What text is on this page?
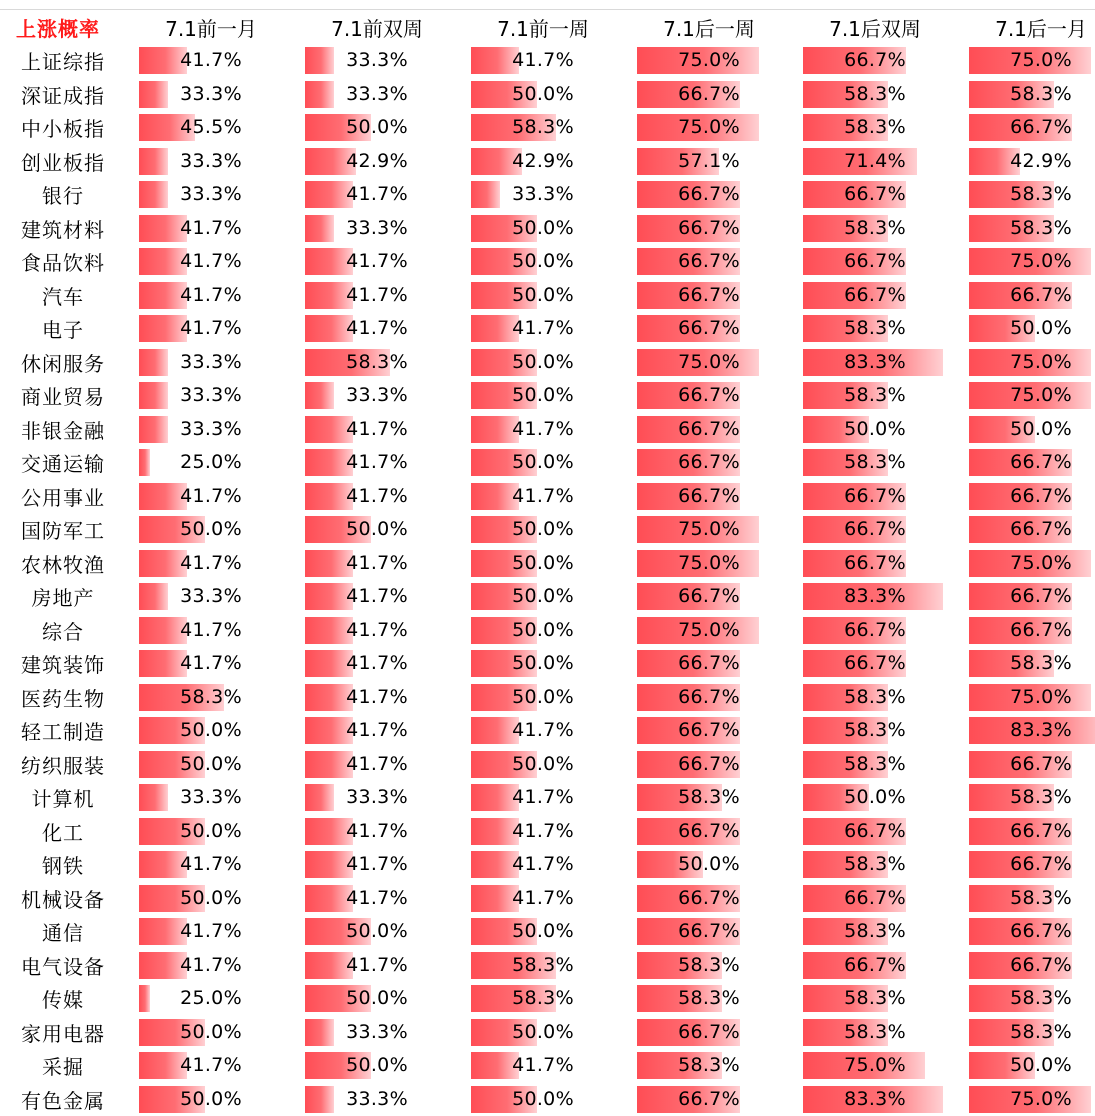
上涨概率	7.1前一月	7.1前双周	7.1前一周	7.1后一周	7.1后双周	7.1后一月
上证综指	41.7%	33.3%	41.7%	75.0%	66.7%	75.0%
深证成指	33.3%	33.3%	50.0%	66.7%	58.3%	58.3%
中小板指	45.5%	50.0%	58.3%	75.0%	58.3%	66.7%
创业板指	33.3%	42.9%	42.9%	57.1%	71.4%	42.9%
银行	33.3%	41.7%	33.3%	66.7%	66.7%	58.3%
建筑材料	41.7%	33.3%	50.0%	66.7%	58.3%	58.3%
食品饮料	41.7%	41.7%	50.0%	66.7%	66.7%	75.0%
汽车	41.7%	41.7%	50.0%	66.7%	66.7%	66.7%
电子	41.7%	41.7%	41.7%	66.7%	58.3%	50.0%
休闲服务	33.3%	58.3%	50.0%	75.0%	83.3%	75.0%
商业贸易	33.3%	33.3%	50.0%	66.7%	58.3%	75.0%
非银金融	33.3%	41.7%	41.7%	66.7%	50.0%	50.0%
交通运输	25.0%	41.7%	50.0%	66.7%	58.3%	66.7%
公用事业	41.7%	41.7%	41.7%	66.7%	66.7%	66.7%
国防军工	50.0%	50.0%	50.0%	75.0%	66.7%	66.7%
农林牧渔	41.7%	41.7%	50.0%	75.0%	66.7%	75.0%
房地产	33.3%	41.7%	50.0%	66.7%	83.3%	66.7%
综合	41.7%	41.7%	50.0%	75.0%	66.7%	66.7%
建筑装饰	41.7%	41.7%	50.0%	66.7%	66.7%	58.3%
医药生物	58.3%	41.7%	50.0%	66.7%	58.3%	75.0%
轻工制造	50.0%	41.7%	41.7%	66.7%	58.3%	83.3%
纺织服装	50.0%	41.7%	50.0%	66.7%	58.3%	66.7%
计算机	33.3%	33.3%	41.7%	58.3%	50.0%	58.3%
化工	50.0%	41.7%	41.7%	66.7%	66.7%	66.7%
钢铁	41.7%	41.7%	41.7%	50.0%	58.3%	66.7%
机械设备	50.0%	41.7%	41.7%	66.7%	66.7%	58.3%
通信	41.7%	50.0%	50.0%	66.7%	58.3%	66.7%
电气设备	41.7%	41.7%	58.3%	58.3%	66.7%	66.7%
传媒	25.0%	50.0%	58.3%	58.3%	58.3%	58.3%
家用电器	50.0%	33.3%	50.0%	66.7%	58.3%	58.3%
采掘	41.7%	50.0%	41.7%	58.3%	75.0%	50.0%
有色金属	50.0%	33.3%	50.0%	66.7%	83.3%	75.0%
